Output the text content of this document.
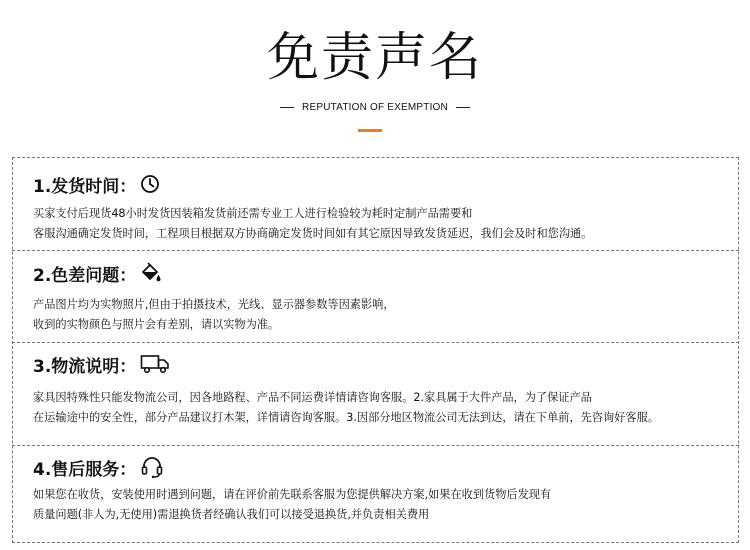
免责声名
REPUTATION OF EXEMPTION
1.发货时间：
买家支付后现货48小时发货因装箱发货前还需专业工人进行检验较为耗时定制产品需要和
客服沟通确定发货时间，工程项目根据双方协商确定发货时间如有其它原因导致发货延迟，我们会及时和您沟通。
2.色差问题：
产品图片均为实物照片,但由于拍摄技术，光线、显示器参数等因素影响，
收到的实物颜色与照片会有差别，请以实物为准。
3.物流说明：
家具因特殊性只能发物流公司，因各地路程、产品不同运费详情请咨询客服。2.家具属于大件产品，为了保证产品
在运输途中的安全性，部分产品建议打木架，详情请咨询客服。3.因部分地区物流公司无法到达，请在下单前，先咨询好客服。
4.售后服务：
如果您在收货，安装使用时遇到问题，请在评价前先联系客服为您提供解决方案,如果在收到货物后发现有
质量问题(非人为,无使用)需退换货者经确认我们可以接受退换货,并负责相关费用
